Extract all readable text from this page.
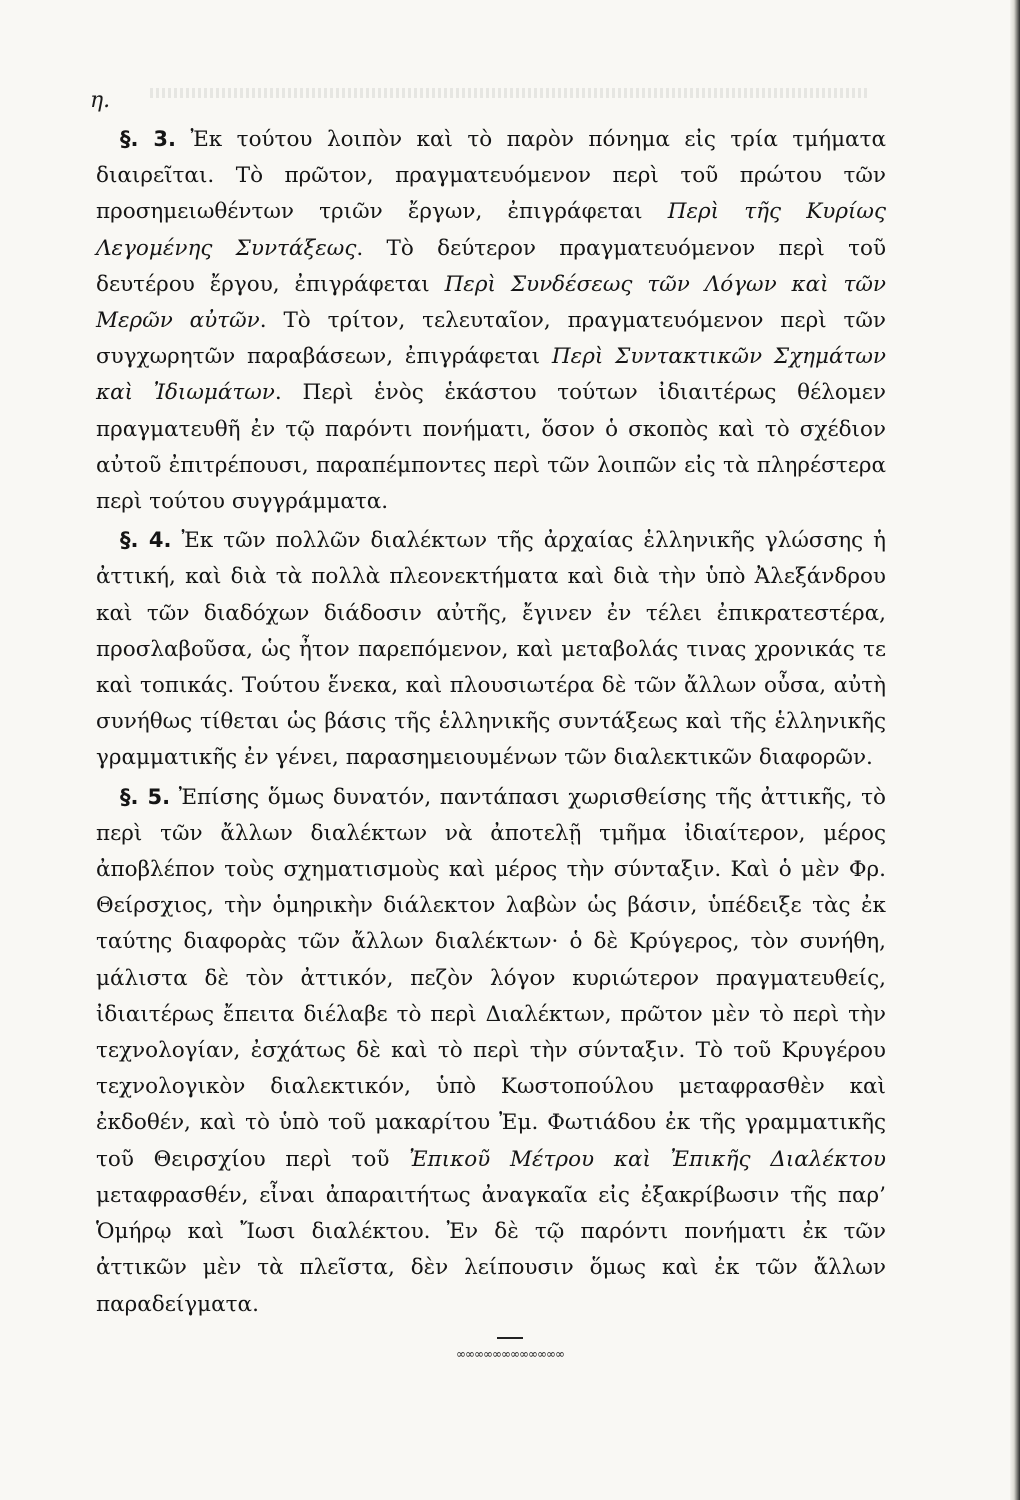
η.

§. 3. Ἐκ τούτου λοιπὸν καὶ τὸ παρὸν πόνημα εἰς τρία τμήματα διαιρεῖται. Τὸ πρῶτον, πραγματευόμενον περὶ τοῦ πρώτου τῶν προσημειωθέντων τριῶν ἔργων, ἐπιγράφεται Περὶ τῆς Κυρίως Λεγομένης Συντάξεως. Τὸ δεύτερον πραγματευόμενον περὶ τοῦ δευτέρου ἔργου, ἐπιγράφεται Περὶ Συνδέσεως τῶν Λόγων καὶ τῶν Μερῶν αὐτῶν. Τὸ τρίτον, τελευταῖον, πραγματευόμενον περὶ τῶν συγχωρητῶν παραβάσεων, ἐπιγράφεται Περὶ Συντακτικῶν Σχημάτων καὶ Ἰδιωμάτων. Περὶ ἑνὸς ἑκάστου τούτων ἰδιαιτέρως θέλομεν πραγματευθῆ ἐν τῷ παρόντι πονήματι, ὅσον ὁ σκοπὸς καὶ τὸ σχέδιον αὐτοῦ ἐπιτρέπουσι, παραπέμποντες περὶ τῶν λοιπῶν εἰς τὰ πληρέστερα περὶ τούτου συγγράμματα.

§. 4. Ἐκ τῶν πολλῶν διαλέκτων τῆς ἀρχαίας ἑλληνικῆς γλώσσης ἡ ἀττική, καὶ διὰ τὰ πολλὰ πλεονεκτήματα καὶ διὰ τὴν ὑπὸ Ἀλεξάνδρου καὶ τῶν διαδόχων διάδοσιν αὐτῆς, ἔγινεν ἐν τέλει ἐπικρατεστέρα, προσλαβοῦσα, ὡς ἦτον παρεπόμενον, καὶ μεταβολάς τινας χρονικάς τε καὶ τοπικάς. Τούτου ἕνεκα, καὶ πλουσιωτέρα δὲ τῶν ἄλλων οὖσα, αὐτὴ συνήθως τίθεται ὡς βάσις τῆς ἑλληνικῆς συντάξεως καὶ τῆς ἑλληνικῆς γραμματικῆς ἐν γένει, παρασημειουμένων τῶν διαλεκτικῶν διαφορῶν.

§. 5. Ἐπίσης ὅμως δυνατόν, παντάπασι χωρισθείσης τῆς ἀττικῆς, τὸ περὶ τῶν ἄλλων διαλέκτων νὰ ἀποτελῇ τμῆμα ἰδιαίτερον, μέρος ἀποβλέπον τοὺς σχηματισμοὺς καὶ μέρος τὴν σύνταξιν. Καὶ ὁ μὲν Φρ. Θείρσχιος, τὴν ὁμηρικὴν διάλεκτον λαβὼν ὡς βάσιν, ὑπέδειξε τὰς ἐκ ταύτης διαφορὰς τῶν ἄλλων διαλέκτων· ὁ δὲ Κρύγερος, τὸν συνήθη, μάλιστα δὲ τὸν ἀττικόν, πεζὸν λόγον κυριώτερον πραγματευθείς, ἰδιαιτέρως ἔπειτα διέλαβε τὸ περὶ Διαλέκτων, πρῶτον μὲν τὸ περὶ τὴν τεχνολογίαν, ἐσχάτως δὲ καὶ τὸ περὶ τὴν σύνταξιν. Τὸ τοῦ Κρυγέρου τεχνολογικὸν διαλεκτικόν, ὑπὸ Κωστοπούλου μεταφρασθὲν καὶ ἐκδοθέν, καὶ τὸ ὑπὸ τοῦ μακαρίτου Ἐμ. Φωτιάδου ἐκ τῆς γραμματικῆς τοῦ Θειρσχίου περὶ τοῦ Ἐπικοῦ Μέτρου καὶ Ἐπικῆς Διαλέκτου μεταφρασθέν, εἶναι ἀπαραιτήτως ἀναγκαῖα εἰς ἐξακρίβωσιν τῆς παρ’ Ὁμήρῳ καὶ Ἴωσι διαλέκτου. Ἐν δὲ τῷ παρόντι πονήματι ἐκ τῶν ἀττικῶν μὲν τὰ πλεῖστα, δὲν λείπουσιν ὅμως καὶ ἐκ τῶν ἄλλων παραδείγματα.

∞∞∞∞∞∞∞∞∞∞∞∞
